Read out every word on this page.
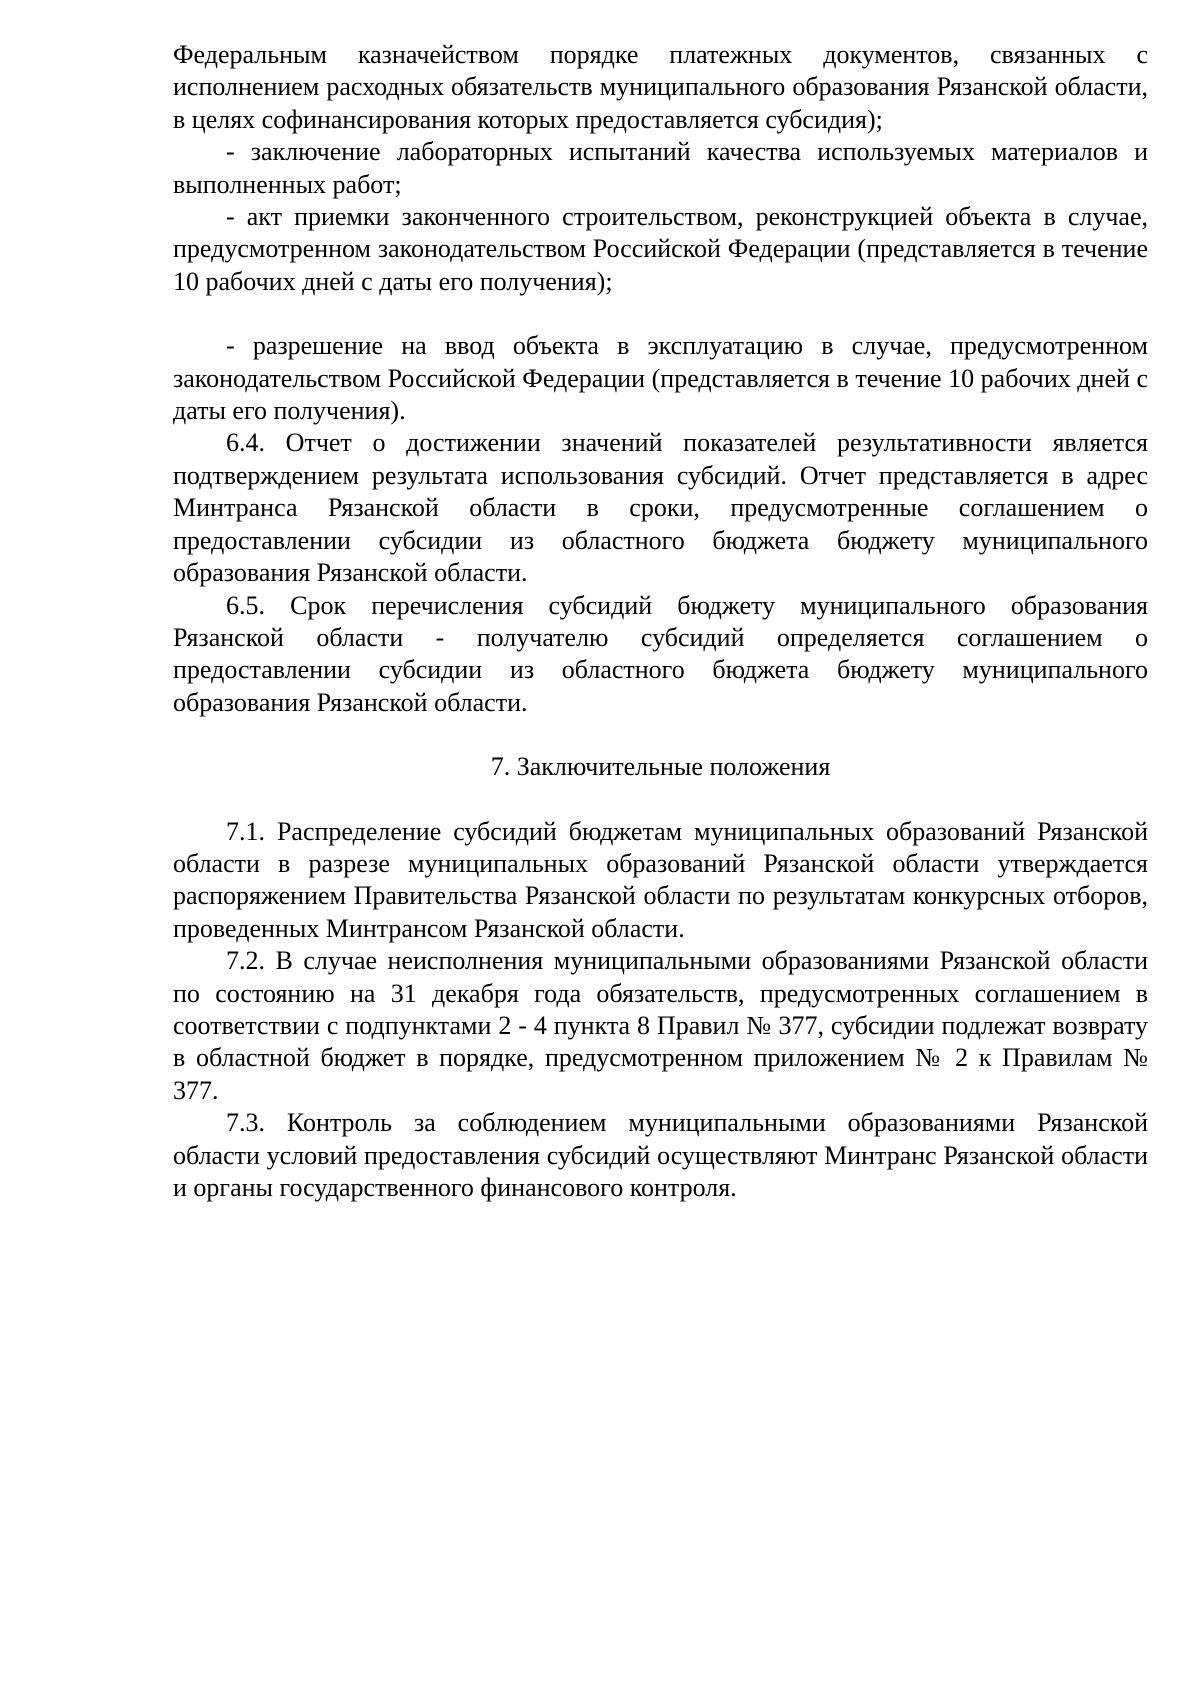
Федеральным казначейством порядке платежных документов, связанных с исполнением расходных обязательств муниципального образования Рязанской области, в целях софинансирования которых предоставляется субсидия);

- заключение лабораторных испытаний качества используемых материалов и выполненных работ;

- акт приемки законченного строительством, реконструкцией объекта в случае, предусмотренном законодательством Российской Федерации (представляется в течение 10 рабочих дней с даты его получения);

- разрешение на ввод объекта в эксплуатацию в случае, предусмотренном законодательством Российской Федерации (представляется в течение 10 рабочих дней с даты его получения).

6.4. Отчет о достижении значений показателей результативности является подтверждением результата использования субсидий. Отчет представляется в адрес Минтранса Рязанской области в сроки, предусмотренные соглашением о предоставлении субсидии из областного бюджета бюджету муниципального образования Рязанской области.

6.5. Срок перечисления субсидий бюджету муниципального образования Рязанской области - получателю субсидий определяется соглашением о предоставлении субсидии из областного бюджета бюджету муниципального образования Рязанской области.

7. Заключительные положения

7.1. Распределение субсидий бюджетам муниципальных образований Рязанской области в разрезе муниципальных образований Рязанской области утверждается распоряжением Правительства Рязанской области по результатам конкурсных отборов, проведенных Минтрансом Рязанской области.

7.2. В случае неисполнения муниципальными образованиями Рязанской области по состоянию на 31 декабря года обязательств, предусмотренных соглашением в соответствии с подпунктами 2 - 4 пункта 8 Правил № 377, субсидии подлежат возврату в областной бюджет в порядке, предусмотренном приложением № 2 к Правилам № 377.

7.3. Контроль за соблюдением муниципальными образованиями Рязанской области условий предоставления субсидий осуществляют Минтранс Рязанской области и органы государственного финансового контроля.
